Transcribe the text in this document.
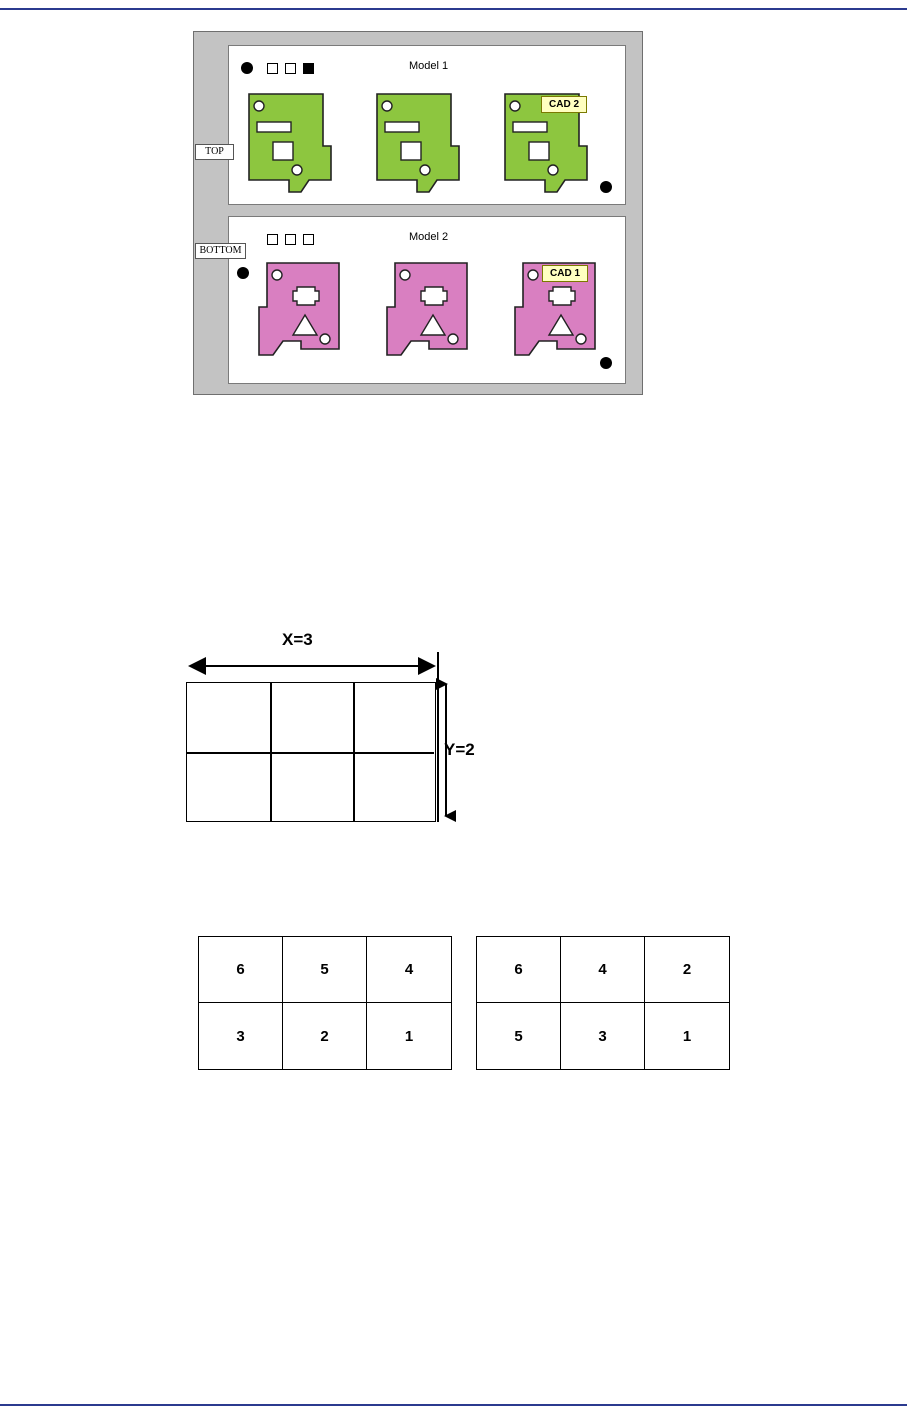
CAD 2
Model 1
CAD 1
Model 2
TOP
BOTTOM
X=3
Y=2
6	5	4
3	2	1
6	4	2
5	3	1
